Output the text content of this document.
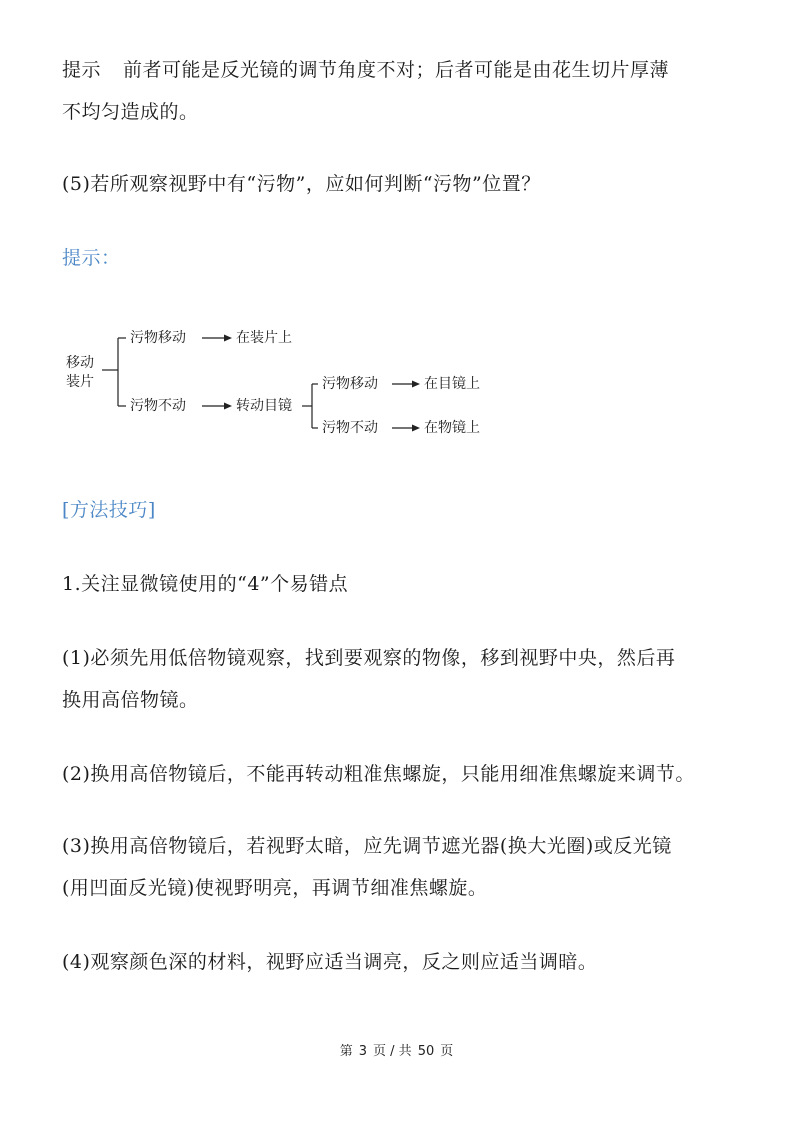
提示 前者可能是反光镜的调节角度不对；后者可能是由花生切片厚薄
不均匀造成的。
(5)若所观察视野中有“污物”，应如何判断“污物”位置？
提示：
移动
装片
污物移动	在装片上
污物不动	转动目镜
污物移动	在目镜上
污物不动	在物镜上
[方法技巧]
1.关注显微镜使用的“4”个易错点
(1)必须先用低倍物镜观察，找到要观察的物像，移到视野中央，然后再
换用高倍物镜。
(2)换用高倍物镜后，不能再转动粗准焦螺旋，只能用细准焦螺旋来调节。
(3)换用高倍物镜后，若视野太暗，应先调节遮光器(换大光圈)或反光镜
(用凹面反光镜)使视野明亮，再调节细准焦螺旋。
(4)观察颜色深的材料，视野应适当调亮，反之则应适当调暗。
第 3 页 / 共 50 页
